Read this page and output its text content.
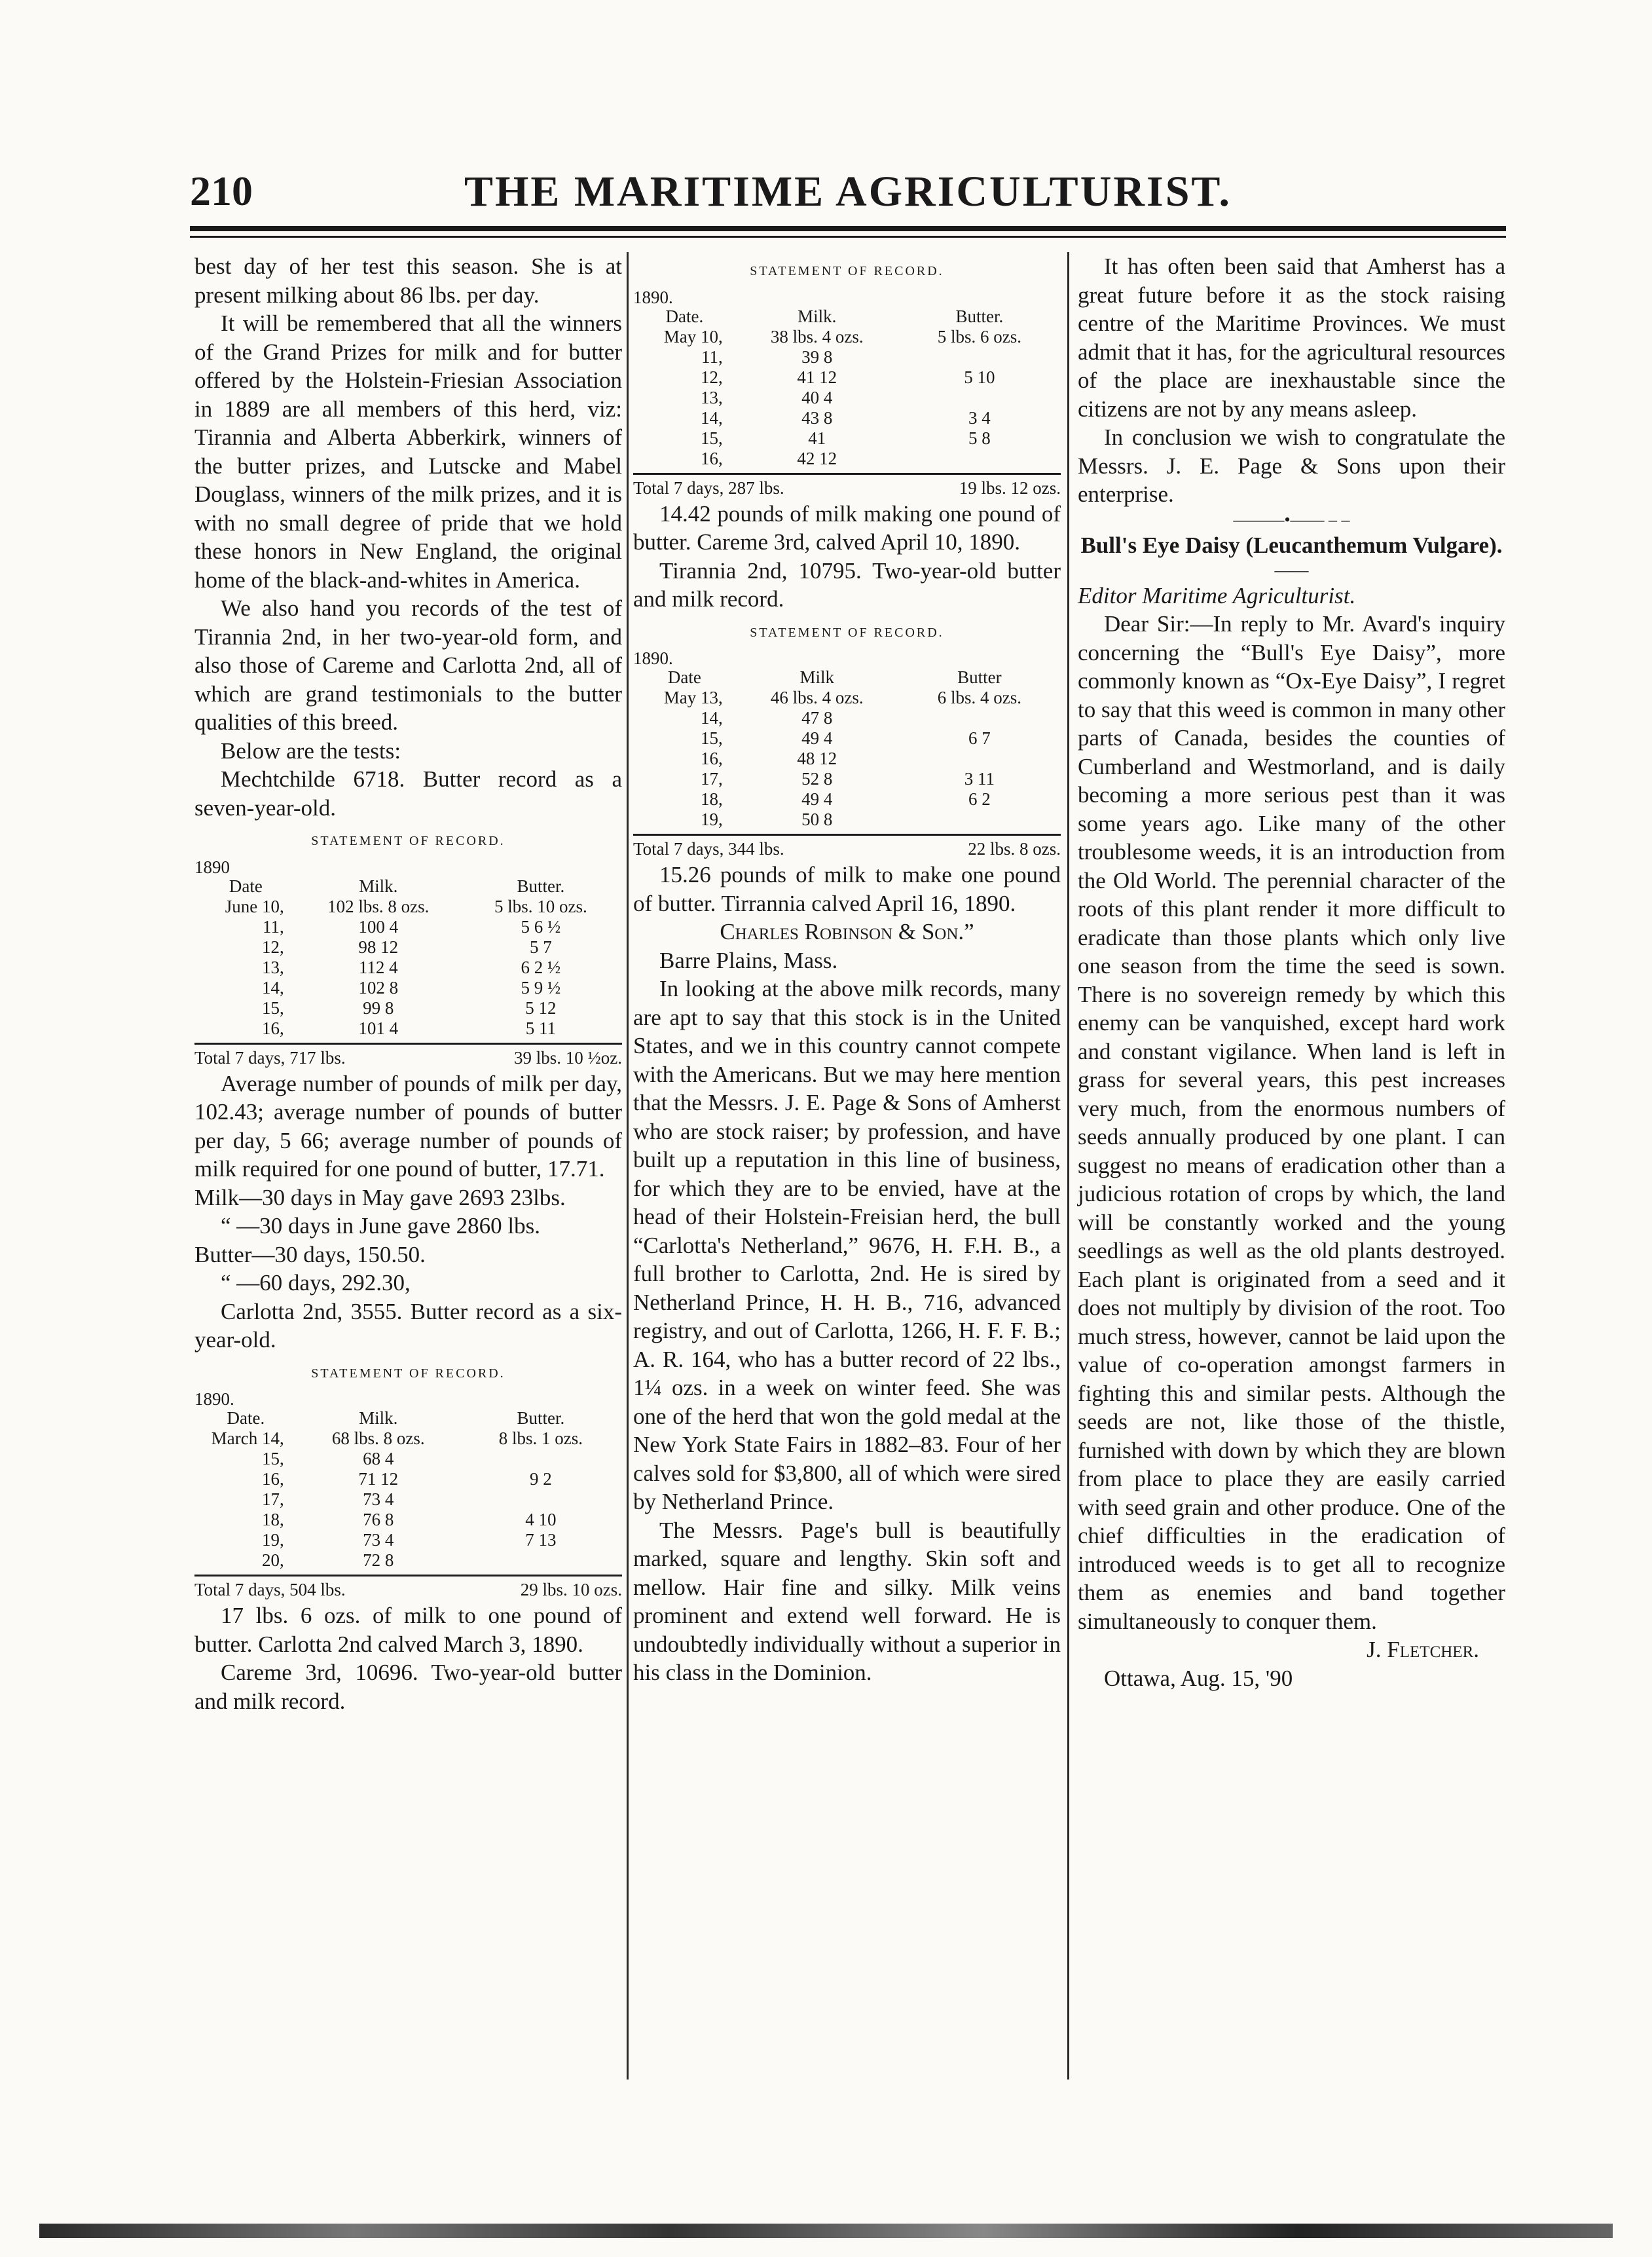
210	THE MARITIME AGRICULTURIST.

best day of her test this season. She is at present milking about 86 lbs. per day.

It will be remembered that all the winners of the Grand Prizes for milk and for butter offered by the Holstein-Friesian Association in 1889 are all members of this herd, viz: Tirannia and Alberta Abberkirk, winners of the butter prizes, and Lutscke and Mabel Douglass, winners of the milk prizes, and it is with no small degree of pride that we hold these honors in New England, the original home of the black-and-whites in America.

We also hand you records of the test of Tirannia 2nd, in her two-year-old form, and also those of Careme and Carlotta 2nd, all of which are grand testimonials to the butter qualities of this breed.

Below are the tests:

Mechtchilde 6718. Butter record as a seven-year-old.

STATEMENT OF RECORD.
1890
Date	Milk.	Butter.
June 10,	102 lbs. 8 ozs.	5 lbs. 10 ozs.
11,	100 4	5 6 ½
12,	98 12	5 7
13,	112 4	6 2 ½
14,	102 8	5 9 ½
15,	99 8	5 12
16,	101 4	5 11
Total 7 days, 717 lbs.	39 lbs. 10 ½oz.

Average number of pounds of milk per day, 102.43; average number of pounds of butter per day, 5 66; average number of pounds of milk required for one pound of butter, 17.71.

Milk—30 days in May gave 2693 23lbs.

“ —30 days in June gave 2860 lbs.

Butter—30 days, 150.50.

“ —60 days, 292.30,

Carlotta 2nd, 3555. Butter record as a six-year-old.

STATEMENT OF RECORD.
1890.
Date.	Milk.	Butter.
March 14,	68 lbs. 8 ozs.	8 lbs. 1 ozs.
15,	68 4	
16,	71 12	9 2
17,	73 4	
18,	76 8	4 10
19,	73 4	7 13
20,	72 8	
Total 7 days, 504 lbs.	29 lbs. 10 ozs.

17 lbs. 6 ozs. of milk to one pound of butter. Carlotta 2nd calved March 3, 1890.

Careme 3rd, 10696. Two-year-old butter and milk record.

STATEMENT OF RECORD.
1890.
Date.	Milk.	Butter.
May 10,	38 lbs. 4 ozs.	5 lbs. 6 ozs.
11,	39 8	
12,	41 12	5 10
13,	40 4	
14,	43 8	3 4
15,	41	5 8
16,	42 12	
Total 7 days, 287 lbs.	19 lbs. 12 ozs.

14.42 pounds of milk making one pound of butter. Careme 3rd, calved April 10, 1890.

Tirannia 2nd, 10795. Two-year-old butter and milk record.

STATEMENT OF RECORD.
1890.
Date	Milk	Butter
May 13,	46 lbs. 4 ozs.	6 lbs. 4 ozs.
14,	47 8	
15,	49 4	6 7
16,	48 12	
17,	52 8	3 11
18,	49 4	6 2
19,	50 8	
Total 7 days, 344 lbs.	22 lbs. 8 ozs.

15.26 pounds of milk to make one pound of butter. Tirrannia calved April 16, 1890.

Charles Robinson & Son.”

Barre Plains, Mass.

In looking at the above milk records, many are apt to say that this stock is in the United States, and we in this country cannot compete with the Americans. But we may here mention that the Messrs. J. E. Page & Sons of Amherst who are stock raiser; by profession, and have built up a reputation in this line of business, for which they are to be envied, have at the head of their Holstein-Freisian herd, the bull “Carlotta's Netherland,” 9676, H. F.H. B., a full brother to Carlotta, 2nd. He is sired by Netherland Prince, H. H. B., 716, advanced registry, and out of Carlotta, 1266, H. F. F. B.; A. R. 164, who has a butter record of 22 lbs., 1¼ ozs. in a week on winter feed. She was one of the herd that won the gold medal at the New York State Fairs in 1882–83. Four of her calves sold for $3,800, all of which were sired by Netherland Prince.

The Messrs. Page's bull is beautifully marked, square and lengthy. Skin soft and mellow. Hair fine and silky. Milk veins prominent and extend well forward. He is undoubtedly individually without a superior in his class in the Dominion.

It has often been said that Amherst has a great future before it as the stock raising centre of the Maritime Provinces. We must admit that it has, for the agricultural resources of the place are inexhaustable since the citizens are not by any means asleep.

In conclusion we wish to congratulate the Messrs. J. E. Page & Sons upon their enterprise.

———•—— – –
Bull's Eye Daisy (Leucanthemum Vulgare).
——

Editor Maritime Agriculturist.

Dear Sir:—In reply to Mr. Avard's inquiry concerning the “Bull's Eye Daisy”, more commonly known as “Ox-Eye Daisy”, I regret to say that this weed is common in many other parts of Canada, besides the counties of Cumberland and Westmorland, and is daily becoming a more serious pest than it was some years ago. Like many of the other troublesome weeds, it is an introduction from the Old World. The perennial character of the roots of this plant render it more difficult to eradicate than those plants which only live one season from the time the seed is sown. There is no sovereign remedy by which this enemy can be vanquished, except hard work and constant vigilance. When land is left in grass for several years, this pest increases very much, from the enormous numbers of seeds annually produced by one plant. I can suggest no means of eradication other than a judicious rotation of crops by which, the land will be constantly worked and the young seedlings as well as the old plants destroyed. Each plant is originated from a seed and it does not multiply by division of the root. Too much stress, however, cannot be laid upon the value of co-operation amongst farmers in fighting this and similar pests. Although the seeds are not, like those of the thistle, furnished with down by which they are blown from place to place they are easily carried with seed grain and other produce. One of the chief difficulties in the eradication of introduced weeds is to get all to recognize them as enemies and band together simultaneously to conquer them.

J. Fletcher.

Ottawa, Aug. 15, '90
